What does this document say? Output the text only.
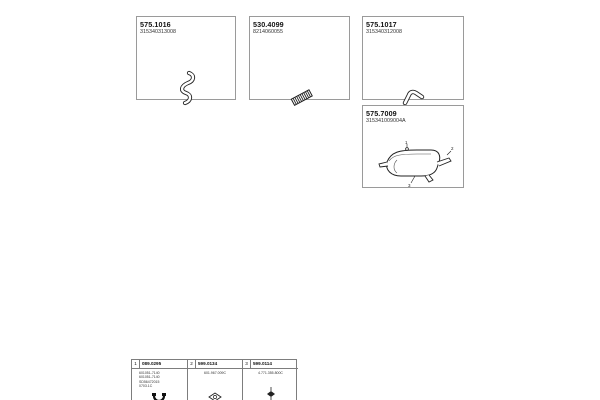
575.1016
315340313008
530.4099
8214060055
575.1017
315340312008
575.7009
315341009004A
1
2
3
1 089.0295
601051-7140
601051-7140
SD56472015
0703.1C
2 599.0134
601.967.009C
3 599.0114
4.771.355.800C
